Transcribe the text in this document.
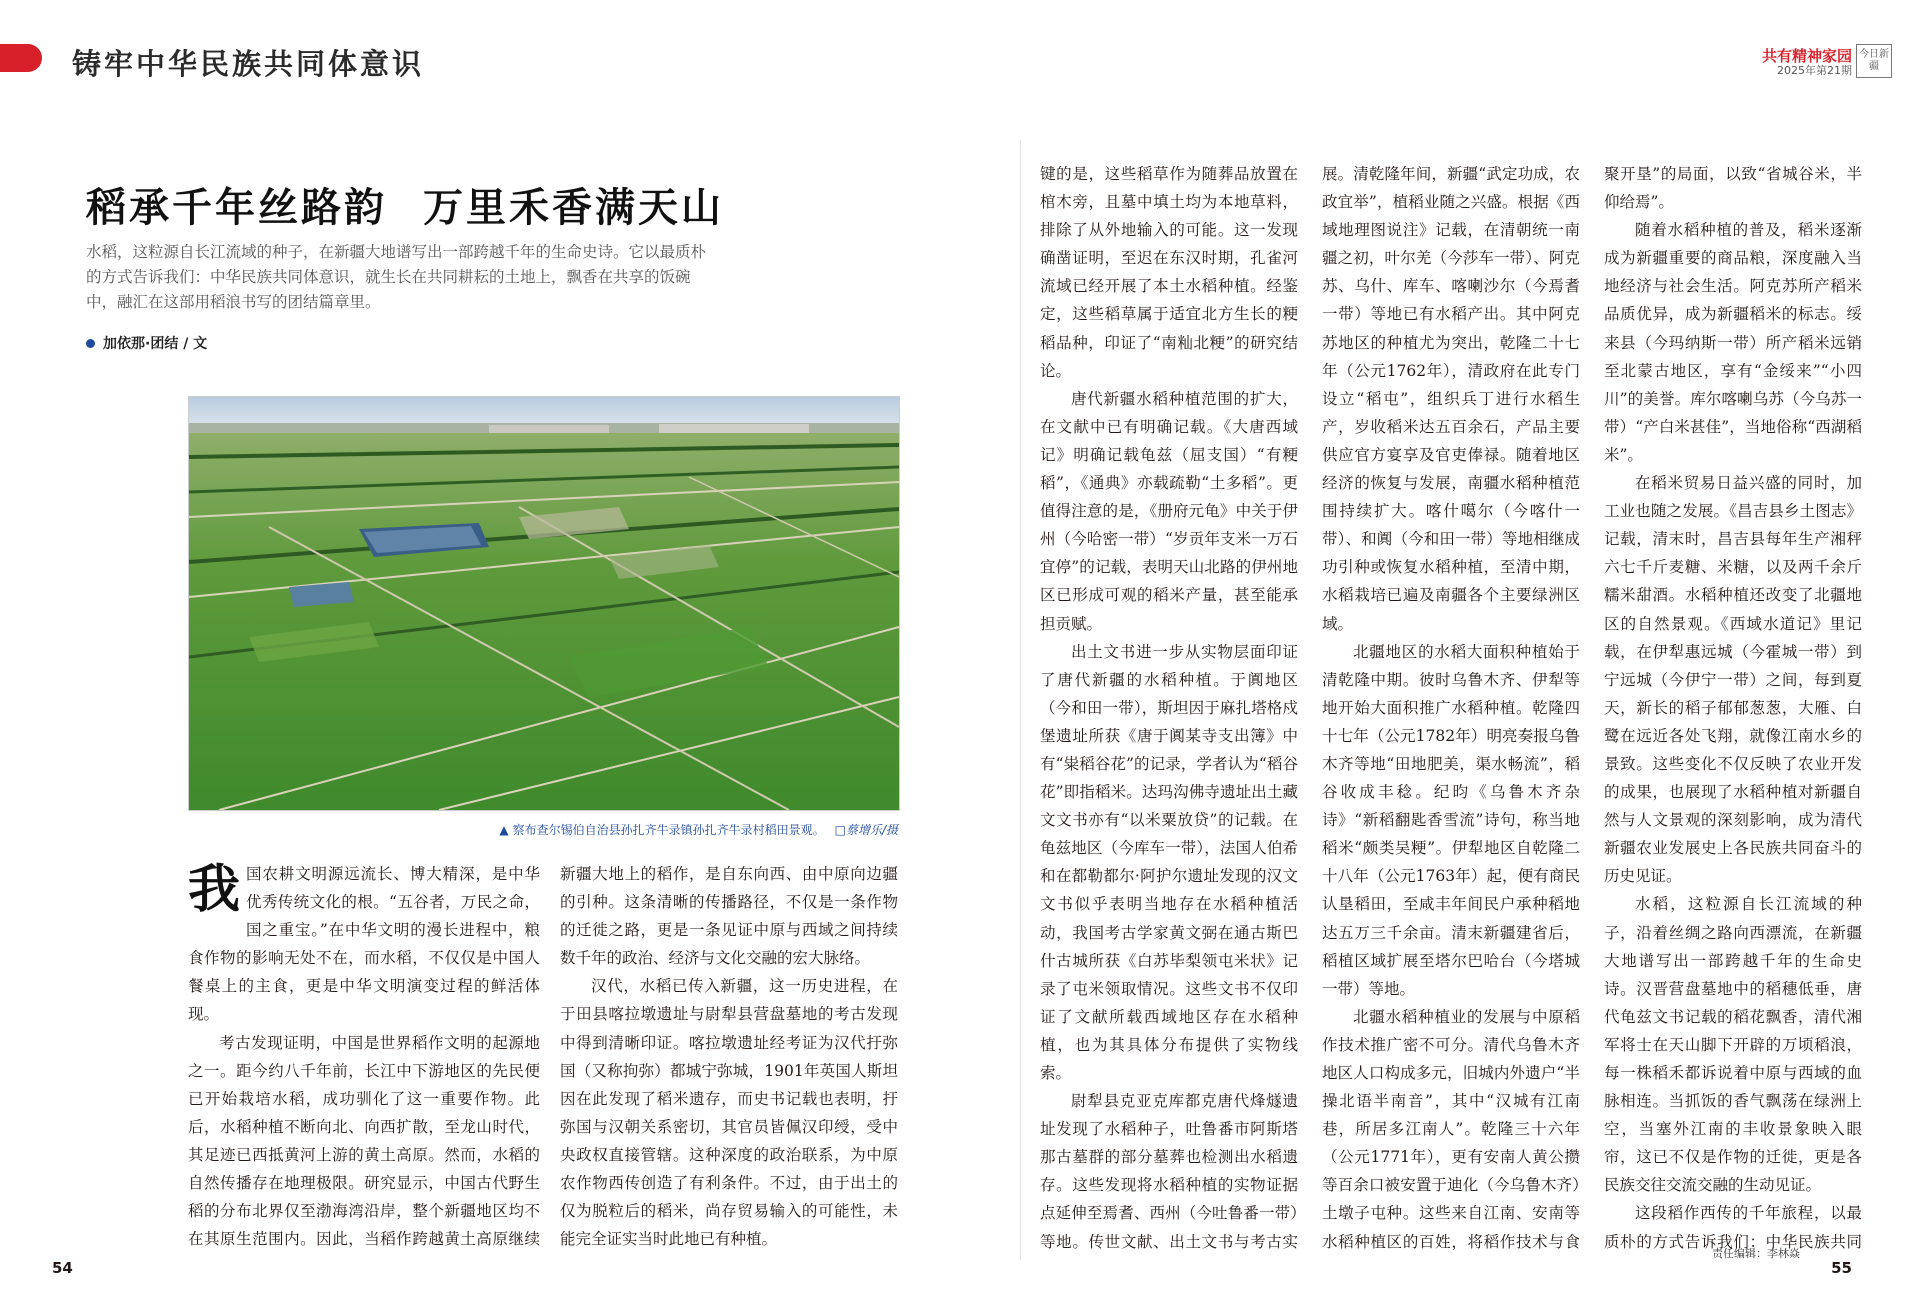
铸牢中华民族共同体意识	共有精神家园
2025年第21期
今日新疆
稻承千年丝路韵 万里禾香满天山
水稻，这粒源自长江流域的种子，在新疆大地谱写出一部跨越千年的生命史诗。它以最质朴的方式告诉我们：中华民族共同体意识，就生长在共同耕耘的土地上，飘香在共享的饭碗中，融汇在这部用稻浪书写的团结篇章里。
加依那·团结 / 文
▲ 察布查尔锡伯自治县孙扎齐牛录镇孙扎齐牛录村稻田景观。 □蔡增乐/摄
我 国农耕文明源远流长、博大精深，是中华优秀传统文化的根。“五谷者，万民之命，国之重宝。”在中华文明的漫长进程中，粮食作物的影响无处不在，而水稻，不仅仅是中国人餐桌上的主食，更是中华文明演变过程的鲜活体现。

考古发现证明，中国是世界稻作文明的起源地之一。距今约八千年前，长江中下游地区的先民便已开始栽培水稻，成功驯化了这一重要作物。此后，水稻种植不断向北、向西扩散，至龙山时代，其足迹已西抵黄河上游的黄土高原。然而，水稻的自然传播存在地理极限。研究显示，中国古代野生稻的分布北界仅至渤海湾沿岸，整个新疆地区均不在其原生范围内。因此，当稻作跨越黄土高原继续

新疆大地上的稻作，是自东向西、由中原向边疆的引种。这条清晰的传播路径，不仅是一条作物的迁徙之路，更是一条见证中原与西域之间持续数千年的政治、经济与文化交融的宏大脉络。

汉代，水稻已传入新疆，这一历史进程，在于田县喀拉墩遗址与尉犁县营盘墓地的考古发现中得到清晰印证。喀拉墩遗址经考证为汉代扜弥国（又称拘弥）都城宁弥城，1901年英国人斯坦因在此发现了稻米遗存，而史书记载也表明，扜弥国与汉朝关系密切，其官员皆佩汉印绶，受中央政权直接管辖。这种深度的政治联系，为中原农作物西传创造了有利条件。不过，由于出土的仅为脱粒后的稻米，尚存贸易输入的可能性，未能完全证实当时此地已有种植。

键的是，这些稻草作为随葬品放置在棺木旁，且墓中填土均为本地草料，排除了从外地输入的可能。这一发现确凿证明，至迟在东汉时期，孔雀河流域已经开展了本土水稻种植。经鉴定，这些稻草属于适宜北方生长的粳稻品种，印证了“南籼北粳”的研究结论。

唐代新疆水稻种植范围的扩大，在文献中已有明确记载。《大唐西域记》明确记载龟兹（屈支国）“有粳稻”，《通典》亦载疏勒“土多稻”。更值得注意的是，《册府元龟》中关于伊州（今哈密一带）“岁贡年支米一万石宜停”的记载，表明天山北路的伊州地区已形成可观的稻米产量，甚至能承担贡赋。

出土文书进一步从实物层面印证了唐代新疆的水稻种植。于阗地区（今和田一带），斯坦因于麻扎塔格戍堡遗址所获《唐于阗某寺支出簿》中有“粜稻谷花”的记录，学者认为“稻谷花”即指稻米。达玛沟佛寺遗址出土藏文文书亦有“以米粟放贷”的记载。在龟兹地区（今库车一带），法国人伯希和在都勒都尔·阿护尔遗址发现的汉文文书似乎表明当地存在水稻种植活动，我国考古学家黄文弼在通古斯巴什古城所获《白苏毕梨领屯米状》记录了屯米领取情况。这些文书不仅印证了文献所载西域地区存在水稻种植，也为其具体分布提供了实物线索。

尉犁县克亚克库都克唐代烽燧遗址发现了水稻种子，吐鲁番市阿斯塔那古墓群的部分墓葬也检测出水稻遗存。这些发现将水稻种植的实物证据点延伸至焉耆、西州（今吐鲁番一带）等地。传世文献、出土文书与考古实

展。清乾隆年间，新疆“武定功成，农政宜举”，植稻业随之兴盛。根据《西域地理图说注》记载，在清朝统一南疆之初，叶尔羌（今莎车一带）、阿克苏、乌什、库车、喀喇沙尔（今焉耆一带）等地已有水稻产出。其中阿克苏地区的种植尤为突出，乾隆二十七年（公元1762年），清政府在此专门设立“稻屯”，组织兵丁进行水稻生产，岁收稻米达五百余石，产品主要供应官方宴享及官吏俸禄。随着地区经济的恢复与发展，南疆水稻种植范围持续扩大。喀什噶尔（今喀什一带）、和阗（今和田一带）等地相继成功引种或恢复水稻种植，至清中期，水稻栽培已遍及南疆各个主要绿洲区域。

北疆地区的水稻大面积种植始于清乾隆中期。彼时乌鲁木齐、伊犁等地开始大面积推广水稻种植。乾隆四十七年（公元1782年）明亮奏报乌鲁木齐等地“田地肥美，渠水畅流”，稻谷收成丰稔。纪昀《乌鲁木齐杂诗》“新稻翻匙香雪流”诗句，称当地稻米“颇类吴粳”。伊犁地区自乾隆二十八年（公元1763年）起，便有商民认垦稻田，至咸丰年间民户承种稻地达五万三千余亩。清末新疆建省后，稻植区域扩展至塔尔巴哈台（今塔城一带）等地。

北疆水稻种植业的发展与中原稻作技术推广密不可分。清代乌鲁木齐地区人口构成多元，旧城内外遗户“半操北语半南音”，其中“汉城有江南巷，所居多江南人”。乾隆三十六年（公元1771年），更有安南人黄公攒等百余口被安置于迪化（今乌鲁木齐）土墩子屯种。这些来自江南、安南等水稻种植区的百姓，将稻作技术与食

聚开垦”的局面，以致“省城谷米，半仰给焉”。

随着水稻种植的普及，稻米逐渐成为新疆重要的商品粮，深度融入当地经济与社会生活。阿克苏所产稻米品质优异，成为新疆稻米的标志。绥来县（今玛纳斯一带）所产稻米远销至北蒙古地区，享有“金绥来”“小四川”的美誉。库尔喀喇乌苏（今乌苏一带）“产白米甚佳”，当地俗称“西湖稻米”。

在稻米贸易日益兴盛的同时，加工业也随之发展。《昌吉县乡土图志》记载，清末时，昌吉县每年生产湘秤六七千斤麦糖、米糖，以及两千余斤糯米甜酒。水稻种植还改变了北疆地区的自然景观。《西域水道记》里记载，在伊犁惠远城（今霍城一带）到宁远城（今伊宁一带）之间，每到夏天，新长的稻子郁郁葱葱，大雁、白鹭在远近各处飞翔，就像江南水乡的景致。这些变化不仅反映了农业开发的成果，也展现了水稻种植对新疆自然与人文景观的深刻影响，成为清代新疆农业发展史上各民族共同奋斗的历史见证。

水稻，这粒源自长江流域的种子，沿着丝绸之路向西漂流，在新疆大地谱写出一部跨越千年的生命史诗。汉晋营盘墓地中的稻穗低垂，唐代龟兹文书记载的稻花飘香，清代湘军将士在天山脚下开辟的万顷稻浪，每一株稻禾都诉说着中原与西域的血脉相连。当抓饭的香气飘荡在绿洲上空，当塞外江南的丰收景象映入眼帘，这已不仅是作物的迁徙，更是各民族交往交流交融的生动见证。

这段稻作西传的千年旅程，以最质朴的方式告诉我们：中华民族共同

54
责任编辑：李林焱
55
